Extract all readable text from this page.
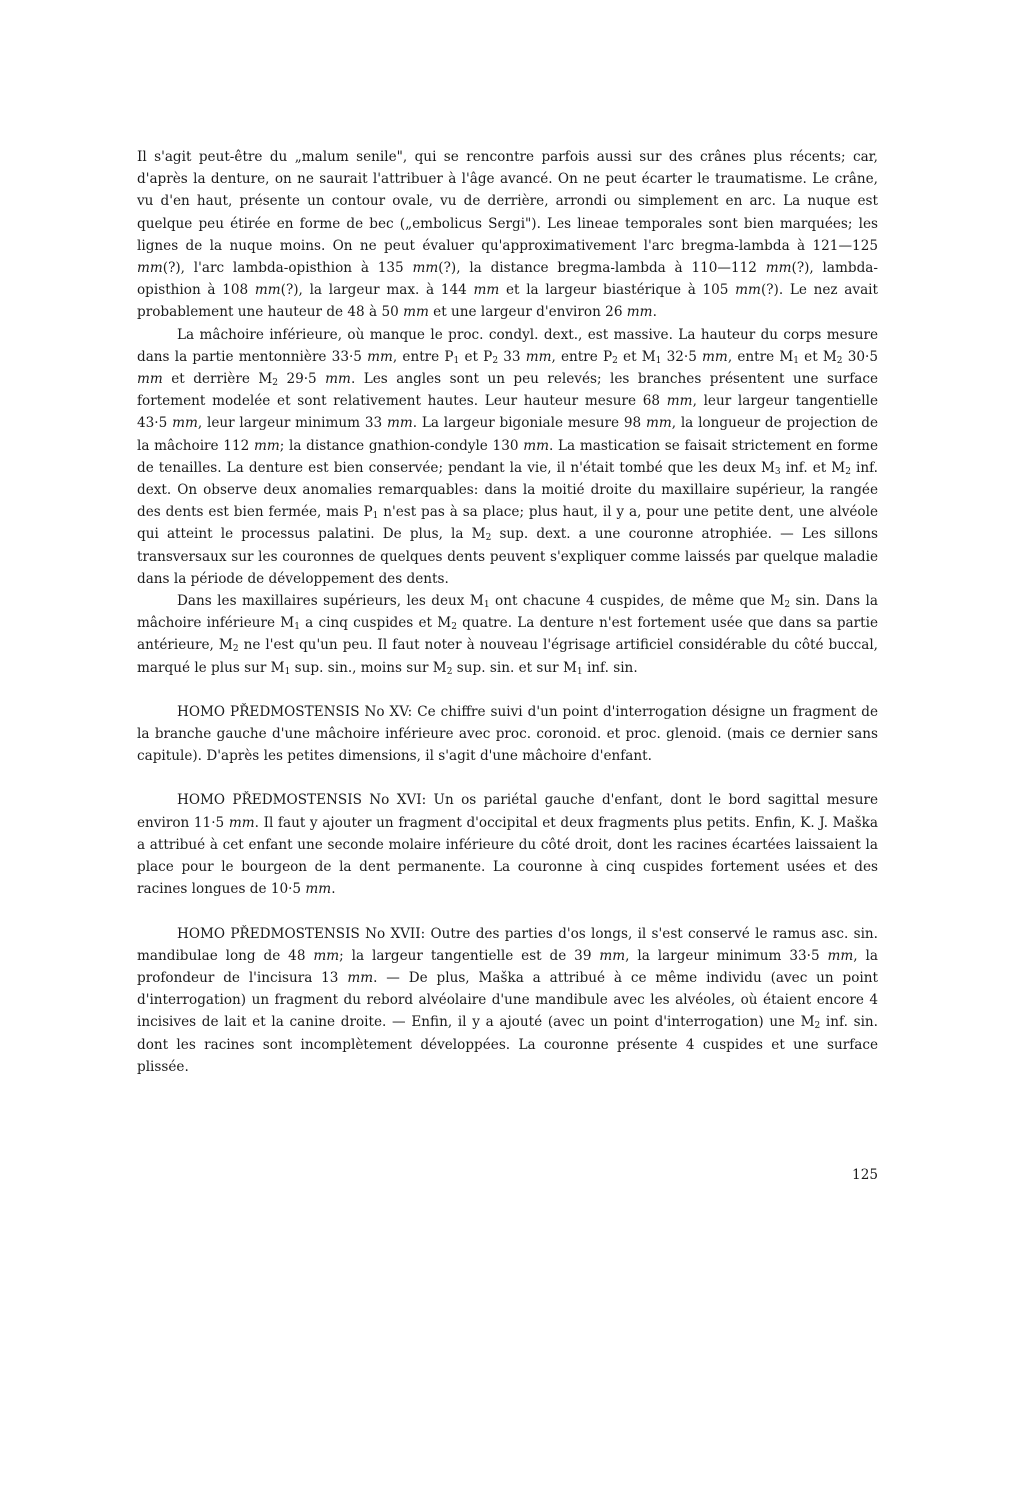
Il s'agit peut-être du „malum senile", qui se rencontre parfois aussi sur des crânes plus récents; car, d'après la denture, on ne saurait l'attribuer à l'âge avancé. On ne peut écarter le traumatisme. Le crâne, vu d'en haut, présente un contour ovale, vu de derrière, arrondi ou simplement en arc. La nuque est quelque peu étirée en forme de bec („embolicus Sergi"). Les lineae temporales sont bien marquées; les lignes de la nuque moins. On ne peut évaluer qu'approximativement l'arc bregma-lambda à 121—125 mm(?), l'arc lambda-opisthion à 135 mm(?), la distance bregma-lambda à 110—112 mm(?), lambda-opisthion à 108 mm(?), la largeur max. à 144 mm et la largeur biastérique à 105 mm(?). Le nez avait probablement une hauteur de 48 à 50 mm et une largeur d'environ 26 mm.

La mâchoire inférieure, où manque le proc. condyl. dext., est massive. La hauteur du corps mesure dans la partie mentonnière 33·5 mm, entre $P_1$ et $P_2$ 33 mm, entre $P_2$ et $M_1$ 32·5 mm, entre $M_1$ et $M_2$ 30·5 mm et derrière $M_2$ 29·5 mm. Les angles sont un peu relevés; les branches présentent une surface fortement modelée et sont relativement hautes. Leur hauteur mesure 68 mm, leur largeur tangentielle 43·5 mm, leur largeur minimum 33 mm. La largeur bigoniale mesure 98 mm, la longueur de projection de la mâchoire 112 mm; la distance gnathion-condyle 130 mm. La mastication se faisait strictement en forme de tenailles. La denture est bien conservée; pendant la vie, il n'était tombé que les deux $M_3$ inf. et $M_2$ inf. dext. On observe deux anomalies remarquables: dans la moitié droite du maxillaire supérieur, la rangée des dents est bien fermée, mais $P_1$ n'est pas à sa place; plus haut, il y a, pour une petite dent, une alvéole qui atteint le processus palatini. De plus, la $M_2$ sup. dext. a une couronne atrophiée. — Les sillons transversaux sur les couronnes de quelques dents peuvent s'expliquer comme laissés par quelque maladie dans la période de développement des dents.

Dans les maxillaires supérieurs, les deux $M_1$ ont chacune 4 cuspides, de même que $M_2$ sin. Dans la mâchoire inférieure $M_1$ a cinq cuspides et $M_2$ quatre. La denture n'est fortement usée que dans sa partie antérieure, $M_2$ ne l'est qu'un peu. Il faut noter à nouveau l'égrisage artificiel considérable du côté buccal, marqué le plus sur $M_1$ sup. sin., moins sur $M_2$ sup. sin. et sur $M_1$ inf. sin.

HOMO PŘEDMOSTENSIS No XV: Ce chiffre suivi d'un point d'interrogation désigne un fragment de la branche gauche d'une mâchoire inférieure avec proc. coronoid. et proc. glenoid. (mais ce dernier sans capitule). D'après les petites dimensions, il s'agit d'une mâchoire d'enfant.

HOMO PŘEDMOSTENSIS No XVI: Un os pariétal gauche d'enfant, dont le bord sagittal mesure environ 11·5 mm. Il faut y ajouter un fragment d'occipital et deux fragments plus petits. Enfin, K. J. Maška a attribué à cet enfant une seconde molaire inférieure du côté droit, dont les racines écartées laissaient la place pour le bourgeon de la dent permanente. La couronne à cinq cuspides fortement usées et des racines longues de 10·5 mm.

HOMO PŘEDMOSTENSIS No XVII: Outre des parties d'os longs, il s'est conservé le ramus asc. sin. mandibulae long de 48 mm; la largeur tangentielle est de 39 mm, la largeur minimum 33·5 mm, la profondeur de l'incisura 13 mm. — De plus, Maška a attribué à ce même individu (avec un point d'interrogation) un fragment du rebord alvéolaire d'une mandibule avec les alvéoles, où étaient encore 4 incisives de lait et la canine droite. — Enfin, il y a ajouté (avec un point d'interrogation) une $M_2$ inf. sin. dont les racines sont incomplètement développées. La couronne présente 4 cuspides et une surface plissée.

125
